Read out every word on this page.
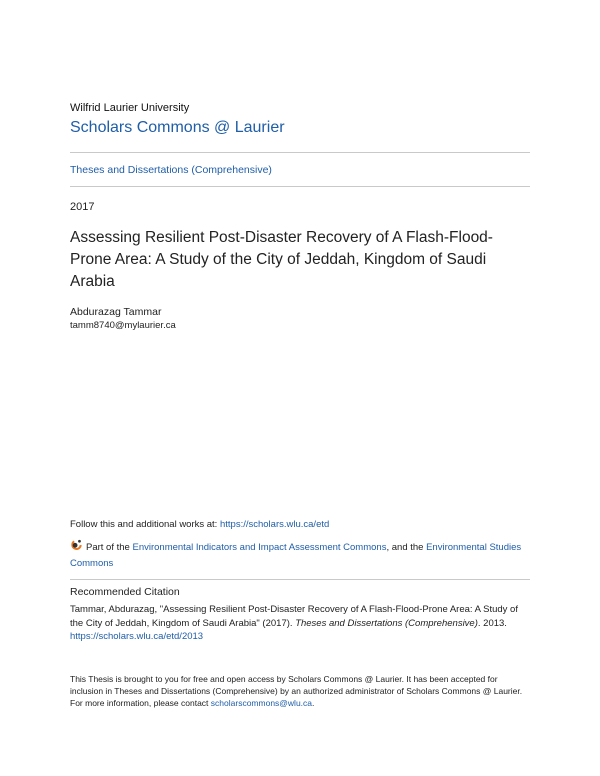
Wilfrid Laurier University
Scholars Commons @ Laurier
Theses and Dissertations (Comprehensive)
2017
Assessing Resilient Post-Disaster Recovery of A Flash-Flood-Prone Area: A Study of the City of Jeddah, Kingdom of Saudi Arabia
Abdurazag Tammar
tamm8740@mylaurier.ca
Follow this and additional works at: https://scholars.wlu.ca/etd
Part of the Environmental Indicators and Impact Assessment Commons, and the Environmental Studies Commons
Recommended Citation
Tammar, Abdurazag, "Assessing Resilient Post-Disaster Recovery of A Flash-Flood-Prone Area: A Study of the City of Jeddah, Kingdom of Saudi Arabia" (2017). Theses and Dissertations (Comprehensive). 2013.
https://scholars.wlu.ca/etd/2013
This Thesis is brought to you for free and open access by Scholars Commons @ Laurier. It has been accepted for inclusion in Theses and Dissertations (Comprehensive) by an authorized administrator of Scholars Commons @ Laurier. For more information, please contact scholarscommons@wlu.ca.
